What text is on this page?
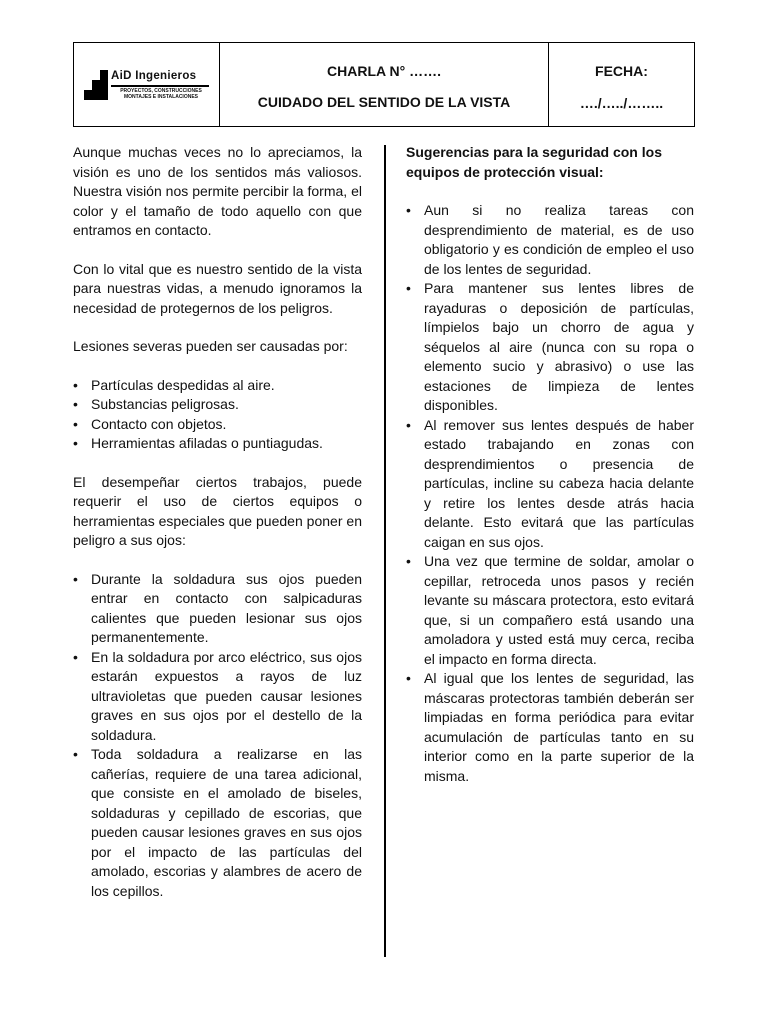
AiD Ingenieros
PROYECTOS, CONSTRUCCIONES
MONTAJES E INSTALACIONES
CHARLA N° …….
CUIDADO DEL SENTIDO DE LA VISTA
FECHA:
…./…../……..

Aunque muchas veces no lo apreciamos, la visión es uno de los sentidos más valiosos. Nuestra visión nos permite percibir la forma, el color y el tamaño de todo aquello con que entramos en contacto.

Con lo vital que es nuestro sentido de la vista para nuestras vidas, a menudo ignoramos la necesidad de protegernos de los peligros.

Lesiones severas pueden ser causadas por:

• Partículas despedidas al aire.
• Substancias peligrosas.
• Contacto con objetos.
• Herramientas afiladas o puntiagudas.

El desempeñar ciertos trabajos, puede requerir el uso de ciertos equipos o herramientas especiales que pueden poner en peligro a sus ojos:

• Durante la soldadura sus ojos pueden entrar en contacto con salpicaduras calientes que pueden lesionar sus ojos permanentemente.
• En la soldadura por arco eléctrico, sus ojos estarán expuestos a rayos de luz ultravioletas que pueden causar lesiones graves en sus ojos por el destello de la soldadura.
• Toda soldadura a realizarse en las cañerías, requiere de una tarea adicional, que consiste en el amolado de biseles, soldaduras y cepillado de escorias, que pueden causar lesiones graves en sus ojos por el impacto de las partículas del amolado, escorias y alambres de acero de los cepillos.

Sugerencias para la seguridad con los equipos de protección visual:

• Aun si no realiza tareas con desprendimiento de material, es de uso obligatorio y es condición de empleo el uso de los lentes de seguridad.
• Para mantener sus lentes libres de rayaduras o deposición de partículas, límpielos bajo un chorro de agua y séquelos al aire (nunca con su ropa o elemento sucio y abrasivo) o use las estaciones de limpieza de lentes disponibles.
• Al remover sus lentes después de haber estado trabajando en zonas con desprendimientos o presencia de partículas, incline su cabeza hacia delante y retire los lentes desde atrás hacia delante. Esto evitará que las partículas caigan en sus ojos.
• Una vez que termine de soldar, amolar o cepillar, retroceda unos pasos y recién levante su máscara protectora, esto evitará que, si un compañero está usando una amoladora y usted está muy cerca, reciba el impacto en forma directa.
• Al igual que los lentes de seguridad, las máscaras protectoras también deberán ser limpiadas en forma periódica para evitar acumulación de partículas tanto en su interior como en la parte superior de la misma.
